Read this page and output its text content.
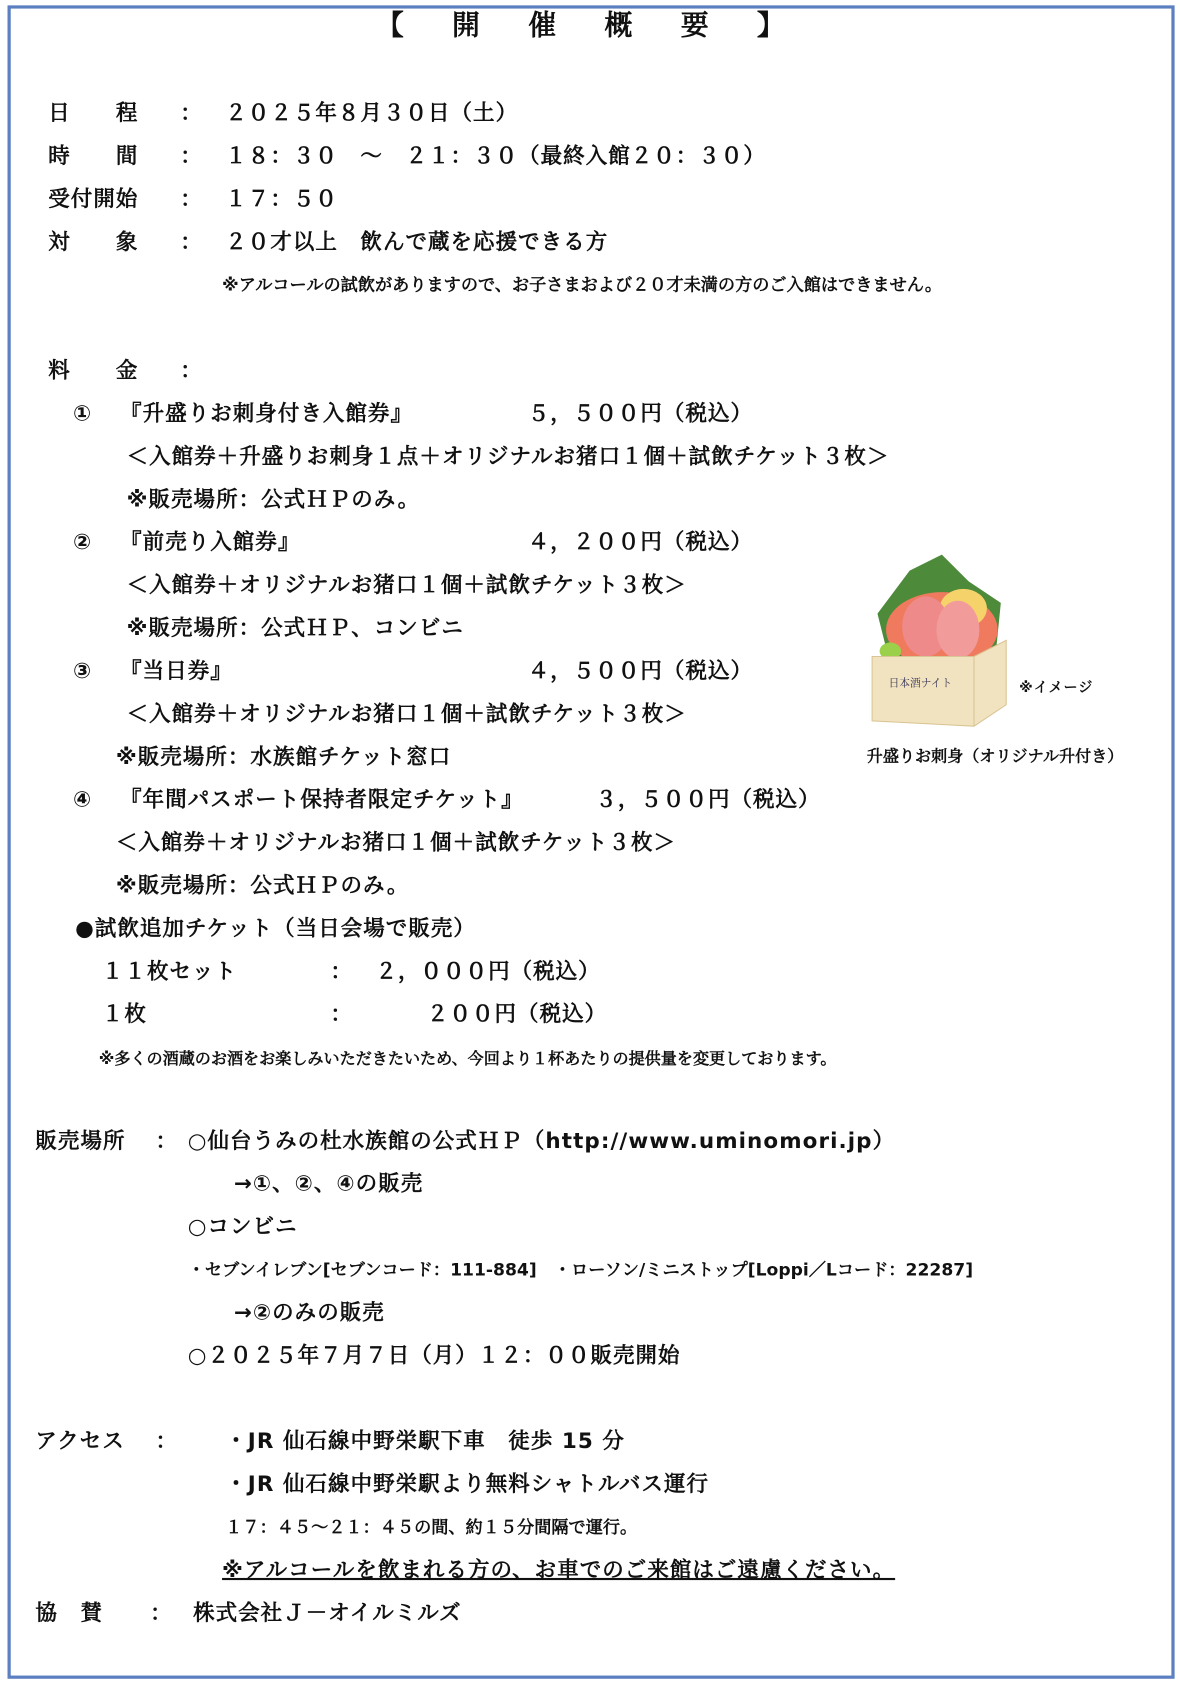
【 開 催 概 要 】
日　　程 ： ２０２５年８月３０日（土）
時　　間 ： １８：３０　～　２１：３０（最終入館２０：３０）
受付開始 ： １７：５０
対　　象 ： ２０才以上　飲んで蔵を応援できる方
※アルコールの試飲がありますので、お子さまおよび２０才未満の方のご入館はできません。
料　　金 ：
① 『升盛りお刺身付き入館券』	５，５００円（税込）
＜入館券＋升盛りお刺身１点＋オリジナルお猪口１個＋試飲チケット３枚＞
※販売場所：公式ＨＰのみ。
② 『前売り入館券』	４，２００円（税込）
＜入館券＋オリジナルお猪口１個＋試飲チケット３枚＞
※販売場所：公式ＨＰ、コンビニ
③ 『当日券』	４，５００円（税込）
＜入館券＋オリジナルお猪口１個＋試飲チケット３枚＞
※販売場所：水族館チケット窓口
④ 『年間パスポート保持者限定チケット』	３，５００円（税込）
＜入館券＋オリジナルお猪口１個＋試飲チケット３枚＞
※販売場所：公式ＨＰのみ。
●試飲追加チケット（当日会場で販売）
１１枚セット	： ２，０００円（税込）
１枚	：	２００円（税込）
※多くの酒蔵のお酒をお楽しみいただきたいため、今回より１杯あたりの提供量を変更しております。
日本酒ナイト	※イメージ
升盛りお刺身（オリジナル升付き）
販売場所 ： ○仙台うみの杜水族館の公式ＨＰ（http://www.uminomori.jp）
→①、②、④の販売
○コンビニ
・セブンイレブン[セブンコード：111-884]　・ローソン/ミニストップ[Loppi／Lコード：22287]
→②のみの販売
○２０２５年７月７日（月）１２：００販売開始
アクセス ： ・JR 仙石線中野栄駅下車　徒歩 15 分
・JR 仙石線中野栄駅より無料シャトルバス運行
１７：４５～２１：４５の間、約１５分間隔で運行。
※アルコールを飲まれる方の、お車でのご来館はご遠慮ください。
協　賛 ： 株式会社Ｊ－オイルミルズ
